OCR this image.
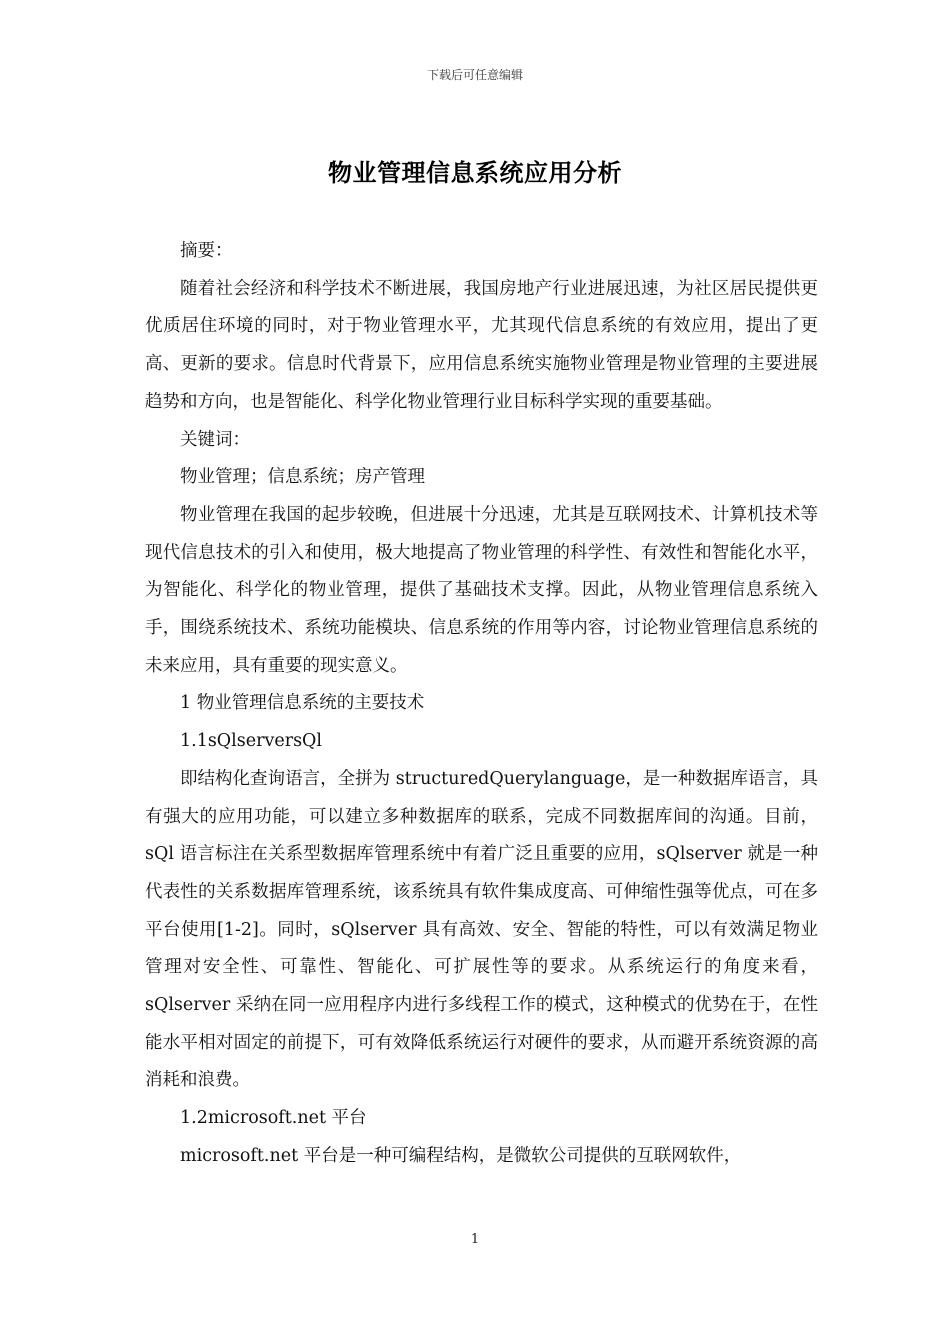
下载后可任意编辑
物业管理信息系统应用分析

摘要：

随着社会经济和科学技术不断进展，我国房地产行业进展迅速，为社区居民提供更优质居住环境的同时，对于物业管理水平，尤其现代信息系统的有效应用，提出了更高、更新的要求。信息时代背景下，应用信息系统实施物业管理是物业管理的主要进展趋势和方向，也是智能化、科学化物业管理行业目标科学实现的重要基础。

关键词：

物业管理；信息系统；房产管理

物业管理在我国的起步较晚，但进展十分迅速，尤其是互联网技术、计算机技术等现代信息技术的引入和使用，极大地提高了物业管理的科学性、有效性和智能化水平，为智能化、科学化的物业管理，提供了基础技术支撑。因此，从物业管理信息系统入手，围绕系统技术、系统功能模块、信息系统的作用等内容，讨论物业管理信息系统的未来应用，具有重要的现实意义。

1 物业管理信息系统的主要技术

1.1sQlserversQl

即结构化查询语言，全拼为 structuredQuerylanguage，是一种数据库语言，具有强大的应用功能，可以建立多种数据库的联系，完成不同数据库间的沟通。目前，sQl 语言标注在关系型数据库管理系统中有着广泛且重要的应用，sQlserver 就是一种代表性的关系数据库管理系统，该系统具有软件集成度高、可伸缩性强等优点，可在多平台使用[1-2]。同时，sQlserver 具有高效、安全、智能的特性，可以有效满足物业管理对安全性、可靠性、智能化、可扩展性等的要求。从系统运行的角度来看，sQlserver 采纳在同一应用程序内进行多线程工作的模式，这种模式的优势在于，在性能水平相对固定的前提下，可有效降低系统运行对硬件的要求，从而避开系统资源的高消耗和浪费。

1.2microsoft.net 平台

microsoft.net 平台是一种可编程结构，是微软公司提供的互联网软件，

1
